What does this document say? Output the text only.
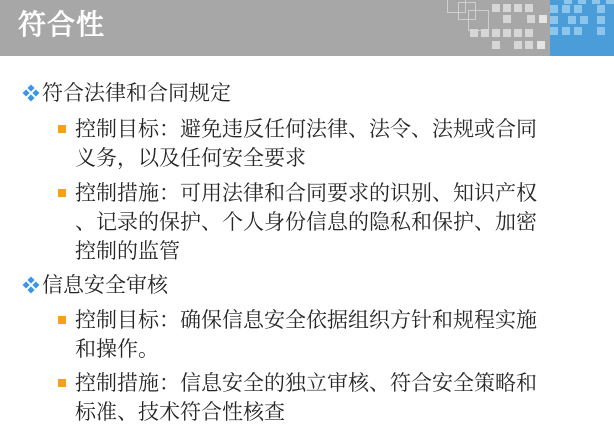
符合性
符合法律和合同规定
控制目标：避免违反任何法律、法令、法规或合同义务，以及任何安全要求
控制措施：可用法律和合同要求的识别、知识产权、记录的保护、个人身份信息的隐私和保护、加密控制的监管
信息安全审核
控制目标：确保信息安全依据组织方针和规程实施和操作。
控制措施：信息安全的独立审核、符合安全策略和标准、技术符合性核查
